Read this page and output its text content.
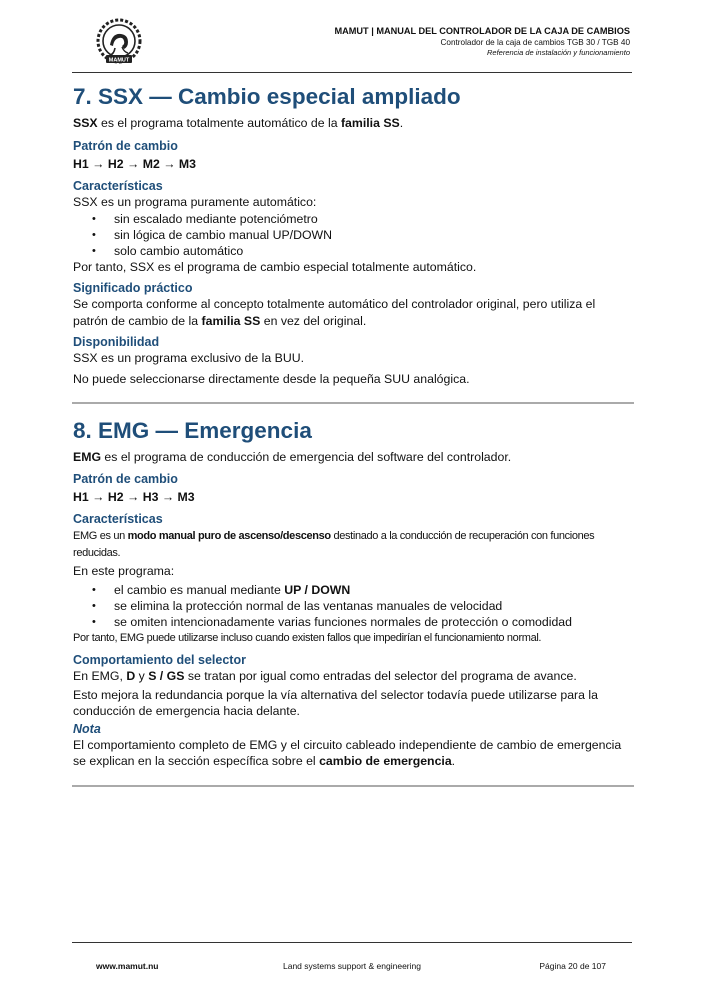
MAMUT
MAMUT | MANUAL DEL CONTROLADOR DE LA CAJA DE CAMBIOS
Controlador de la caja de cambios TGB 30 / TGB 40
Referencia de instalación y funcionamiento
7. SSX — Cambio especial ampliado

SSX es el programa totalmente automático de la familia SS.

Patrón de cambio

H1 → H2 → M2 → M3

Características

SSX es un programa puramente automático:

• sin escalado mediante potenciómetro
• sin lógica de cambio manual UP/DOWN
• solo cambio automático

Por tanto, SSX es el programa de cambio especial totalmente automático.

Significado práctico

Se comporta conforme al concepto totalmente automático del controlador original, pero utiliza el patrón de cambio de la familia SS en vez del original.

Disponibilidad

SSX es un programa exclusivo de la BUU.

No puede seleccionarse directamente desde la pequeña SUU analógica.

8. EMG — Emergencia

EMG es el programa de conducción de emergencia del software del controlador.

Patrón de cambio

H1 → H2 → H3 → M3

Características

EMG es un modo manual puro de ascenso/descenso destinado a la conducción de recuperación con funciones reducidas.

En este programa:

• el cambio es manual mediante UP / DOWN
• se elimina la protección normal de las ventanas manuales de velocidad
• se omiten intencionadamente varias funciones normales de protección o comodidad

Por tanto, EMG puede utilizarse incluso cuando existen fallos que impedirían el funcionamiento normal.

Comportamiento del selector

En EMG, D y S / GS se tratan por igual como entradas del selector del programa de avance.

Esto mejora la redundancia porque la vía alternativa del selector todavía puede utilizarse para la conducción de emergencia hacia delante.

Nota

El comportamiento completo de EMG y el circuito cableado independiente de cambio de emergencia se explican en la sección específica sobre el cambio de emergencia.

www.mamut.nu	Land systems support & engineering	Página 20 de 107
